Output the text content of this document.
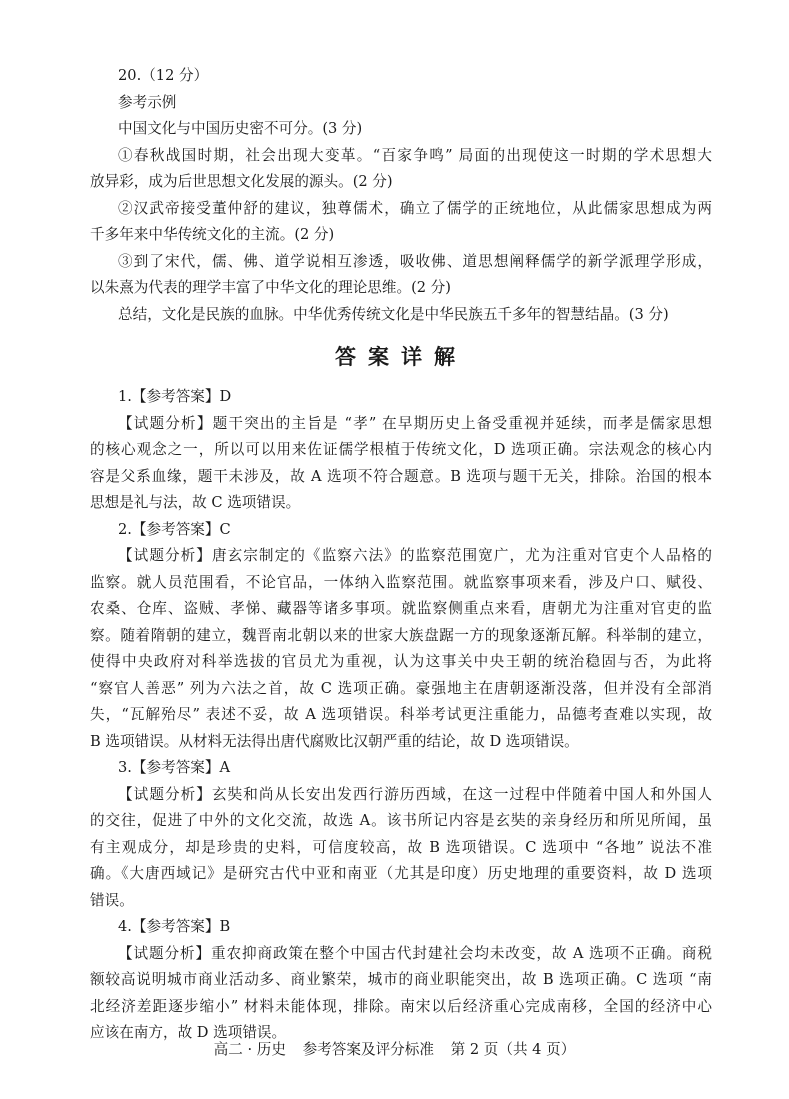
20.（12 分）

参考示例

中国文化与中国历史密不可分。(3 分)

①春秋战国时期，社会出现大变革。“百家争鸣” 局面的出现使这一时期的学术思想大

放异彩，成为后世思想文化发展的源头。(2 分)

②汉武帝接受董仲舒的建议，独尊儒术，确立了儒学的正统地位，从此儒家思想成为两

千多年来中华传统文化的主流。(2 分)

③到了宋代，儒、佛、道学说相互渗透，吸收佛、道思想阐释儒学的新学派理学形成，

以朱熹为代表的理学丰富了中华文化的理论思维。(2 分)

总结，文化是民族的血脉。中华优秀传统文化是中华民族五千多年的智慧结晶。(3 分)

答案详解

1.【参考答案】D

【试题分析】题干突出的主旨是 “孝” 在早期历史上备受重视并延续，而孝是儒家思想

的核心观念之一，所以可以用来佐证儒学根植于传统文化，D 选项正确。宗法观念的核心内

容是父系血缘，题干未涉及，故 A 选项不符合题意。B 选项与题干无关，排除。治国的根本

思想是礼与法，故 C 选项错误。

2.【参考答案】C

【试题分析】唐玄宗制定的《监察六法》的监察范围宽广，尤为注重对官吏个人品格的

监察。就人员范围看，不论官品，一体纳入监察范围。就监察事项来看，涉及户口、赋役、

农桑、仓库、盗贼、孝悌、藏器等诸多事项。就监察侧重点来看，唐朝尤为注重对官吏的监

察。随着隋朝的建立，魏晋南北朝以来的世家大族盘踞一方的现象逐渐瓦解。科举制的建立，

使得中央政府对科举选拔的官员尤为重视，认为这事关中央王朝的统治稳固与否，为此将

“察官人善恶” 列为六法之首，故 C 选项正确。豪强地主在唐朝逐渐没落，但并没有全部消

失，“瓦解殆尽” 表述不妥，故 A 选项错误。科举考试更注重能力，品德考查难以实现，故

B 选项错误。从材料无法得出唐代腐败比汉朝严重的结论，故 D 选项错误。

3.【参考答案】A

【试题分析】玄奘和尚从长安出发西行游历西域，在这一过程中伴随着中国人和外国人

的交往，促进了中外的文化交流，故选 A。该书所记内容是玄奘的亲身经历和所见所闻，虽

有主观成分，却是珍贵的史料，可信度较高，故 B 选项错误。C 选项中 “各地” 说法不准

确。《大唐西域记》是研究古代中亚和南亚（尤其是印度）历史地理的重要资料，故 D 选项

错误。

4.【参考答案】B

【试题分析】重农抑商政策在整个中国古代封建社会均未改变，故 A 选项不正确。商税

额较高说明城市商业活动多、商业繁荣，城市的商业职能突出，故 B 选项正确。C 选项 “南

北经济差距逐步缩小” 材料未能体现，排除。南宋以后经济重心完成南移，全国的经济中心

应该在南方，故 D 选项错误。

高二 · 历史 参考答案及评分标准 第 2 页（共 4 页）
